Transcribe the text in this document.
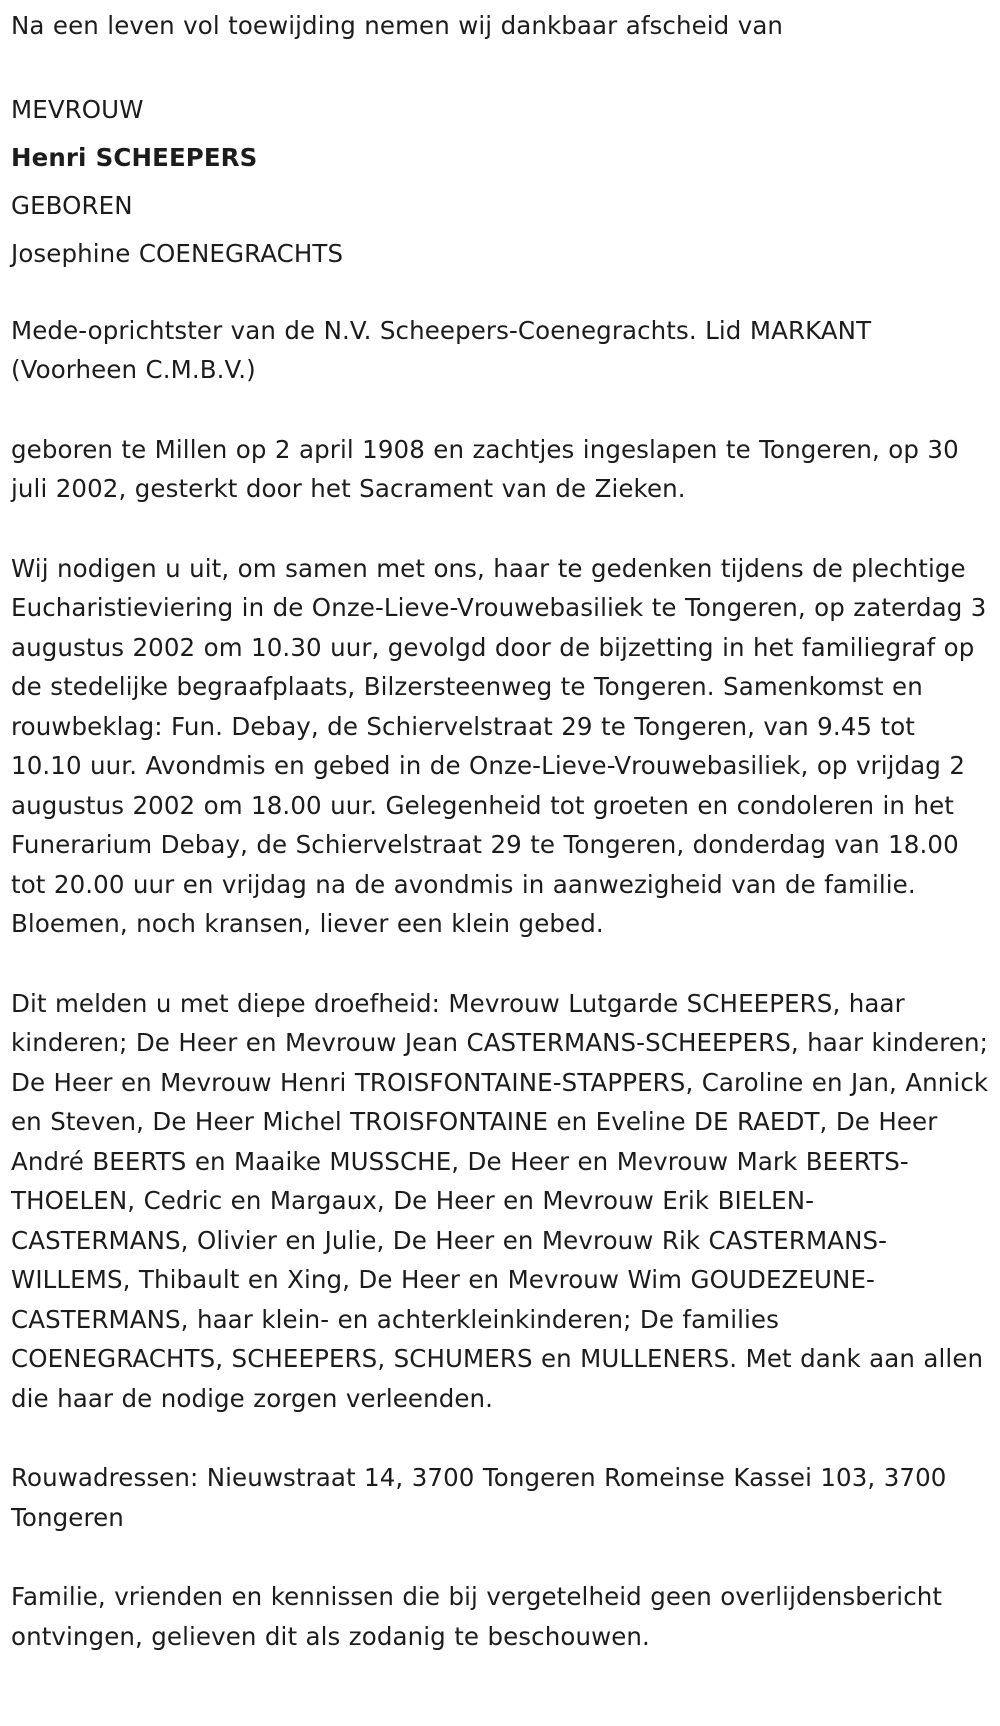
Na een leven vol toewijding nemen wij dankbaar afscheid van

MEVROUW

Henri SCHEEPERS

GEBOREN

Josephine COENEGRACHTS

Mede-oprichtster van de N.V. Scheepers-Coenegrachts. Lid MARKANT (Voorheen C.M.B.V.)

geboren te Millen op 2 april 1908 en zachtjes ingeslapen te Tongeren, op 30 juli 2002, gesterkt door het Sacrament van de Zieken.

Wij nodigen u uit, om samen met ons, haar te gedenken tijdens de plechtige Eucharistieviering in de Onze-Lieve-Vrouwebasiliek te Tongeren, op zaterdag 3 augustus 2002 om 10.30 uur, gevolgd door de bijzetting in het familiegraf op de stedelijke begraafplaats, Bilzersteenweg te Tongeren. Samenkomst en rouwbeklag: Fun. Debay, de Schiervelstraat 29 te Tongeren, van 9.45 tot 10.10 uur. Avondmis en gebed in de Onze-Lieve-Vrouwebasiliek, op vrijdag 2 augustus 2002 om 18.00 uur. Gelegenheid tot groeten en condoleren in het Funerarium Debay, de Schiervelstraat 29 te Tongeren, donderdag van 18.00 tot 20.00 uur en vrijdag na de avondmis in aanwezigheid van de familie. Bloemen, noch kransen, liever een klein gebed.

Dit melden u met diepe droefheid: Mevrouw Lutgarde SCHEEPERS, haar kinderen; De Heer en Mevrouw Jean CASTERMANS-SCHEEPERS, haar kinderen; De Heer en Mevrouw Henri TROISFONTAINE-STAPPERS, Caroline en Jan, Annick en Steven, De Heer Michel TROISFONTAINE en Eveline DE RAEDT, De Heer André BEERTS en Maaike MUSSCHE, De Heer en Mevrouw Mark BEERTS-THOELEN, Cedric en Margaux, De Heer en Mevrouw Erik BIELEN-CASTERMANS, Olivier en Julie, De Heer en Mevrouw Rik CASTERMANS-WILLEMS, Thibault en Xing, De Heer en Mevrouw Wim GOUDEZEUNE-CASTERMANS, haar klein- en achterkleinkinderen; De families COENEGRACHTS, SCHEEPERS, SCHUMERS en MULLENERS. Met dank aan allen die haar de nodige zorgen verleenden.

Rouwadressen: Nieuwstraat 14, 3700 Tongeren Romeinse Kassei 103, 3700 Tongeren

Familie, vrienden en kennissen die bij vergetelheid geen overlijdensbericht ontvingen, gelieven dit als zodanig te beschouwen.
